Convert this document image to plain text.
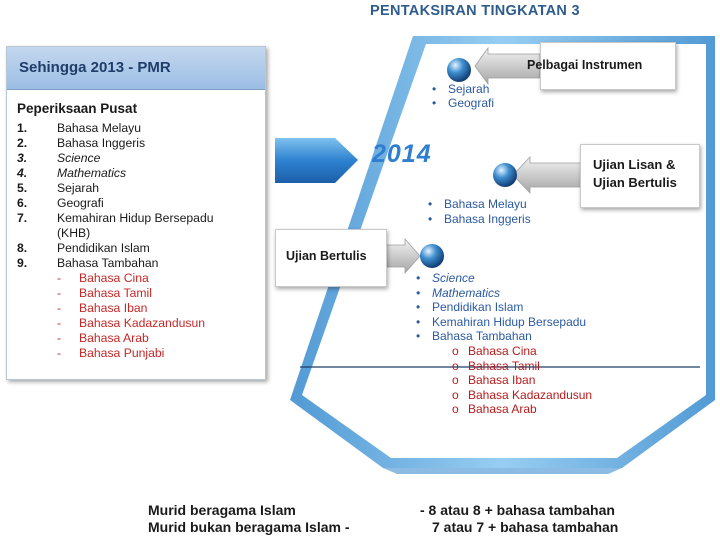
PENTAKSIRAN TINGKATAN 3
Sehingga 2013 - PMR
Peperiksaan Pusat
1. Bahasa Melayu
2. Bahasa Inggeris
3. Science
4. Mathematics
5. Sejarah
6. Geografi
7. Kemahiran Hidup Bersepadu
(KHB)
8. Pendidikan Islam
9. Bahasa Tambahan
- Bahasa Cina
- Bahasa Tamil
- Bahasa Iban
- Bahasa Kadazandusun
- Bahasa Arab
- Bahasa Punjabi
2014
Pelbagai Instrumen
Ujian Lisan &
Ujian Bertulis
Ujian Bertulis
• Sejarah
• Geografi
• Bahasa Melayu
• Bahasa Inggeris
• Science
• Mathematics
• Pendidikan Islam
• Kemahiran Hidup Bersepadu
• Bahasa Tambahan
o Bahasa Cina
o Bahasa Tamil
o Bahasa Iban
o Bahasa Kadazandusun
o Bahasa Arab
Murid beragama Islam	- 8 atau 8 + bahasa tambahan
Murid bukan beragama Islam -	7 atau 7 + bahasa tambahan
